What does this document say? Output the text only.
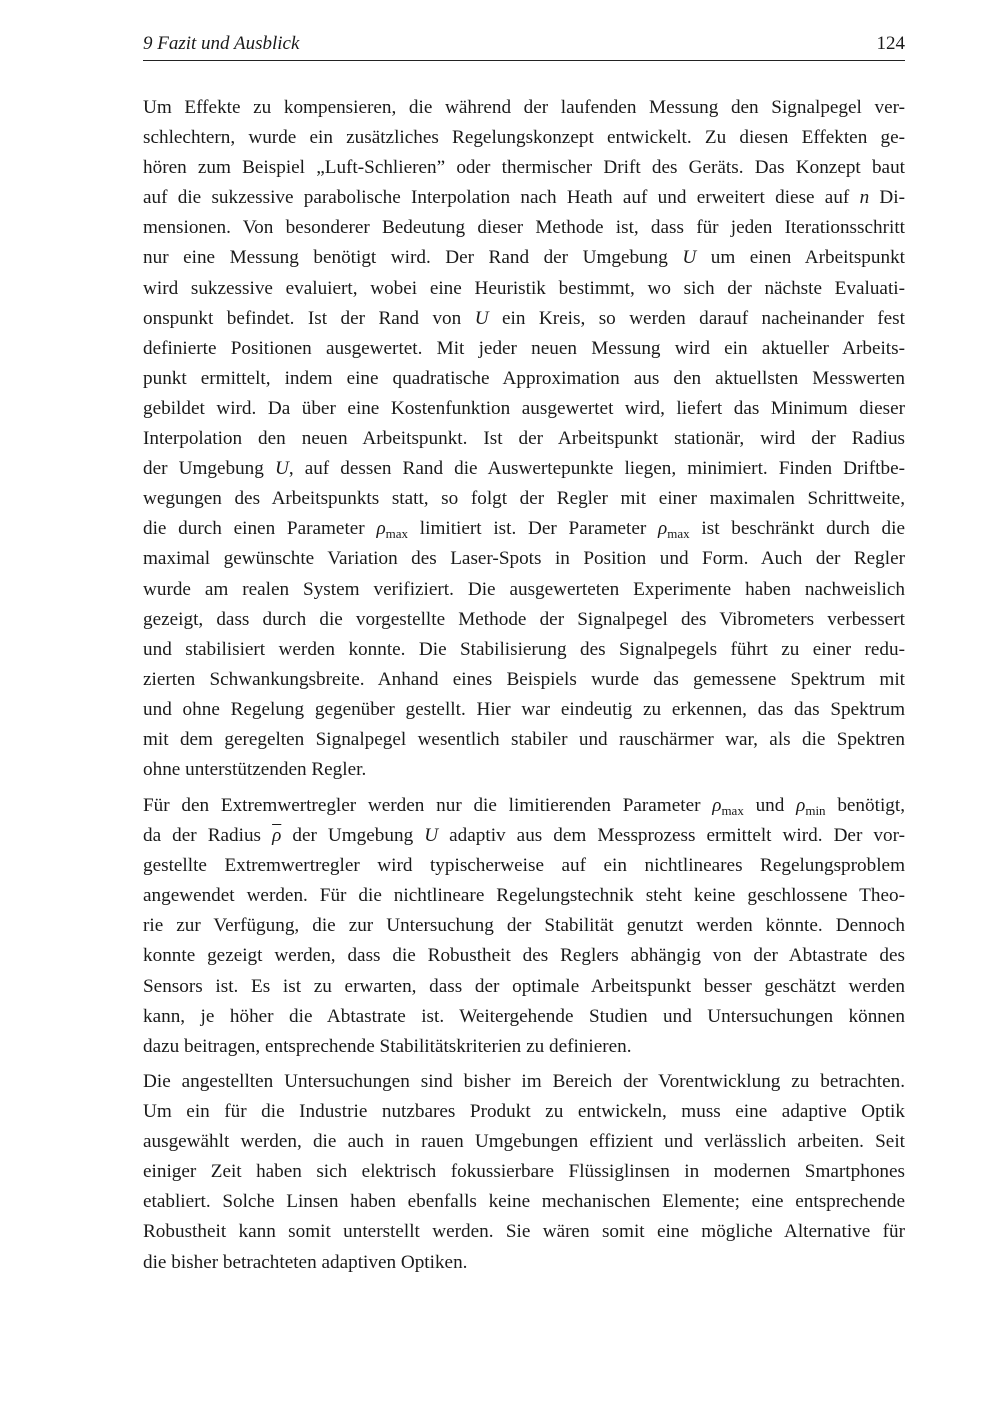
9 Fazit und Ausblick	124
Um Effekte zu kompensieren, die während der laufenden Messung den Signalpegel ver-
schlechtern, wurde ein zusätzliches Regelungskonzept entwickelt. Zu diesen Effekten ge-
hören zum Beispiel „Luft-Schlieren” oder thermischer Drift des Geräts. Das Konzept baut
auf die sukzessive parabolische Interpolation nach Heath auf und erweitert diese auf n Di-
mensionen. Von besonderer Bedeutung dieser Methode ist, dass für jeden Iterationsschritt
nur eine Messung benötigt wird. Der Rand der Umgebung U um einen Arbeitspunkt
wird sukzessive evaluiert, wobei eine Heuristik bestimmt, wo sich der nächste Evaluati-
onspunkt befindet. Ist der Rand von U ein Kreis, so werden darauf nacheinander fest
definierte Positionen ausgewertet. Mit jeder neuen Messung wird ein aktueller Arbeits-
punkt ermittelt, indem eine quadratische Approximation aus den aktuellsten Messwerten
gebildet wird. Da über eine Kostenfunktion ausgewertet wird, liefert das Minimum dieser
Interpolation den neuen Arbeitspunkt. Ist der Arbeitspunkt stationär, wird der Radius
der Umgebung U, auf dessen Rand die Auswertepunkte liegen, minimiert. Finden Driftbe-
wegungen des Arbeitspunkts statt, so folgt der Regler mit einer maximalen Schrittweite,
die durch einen Parameter $\rho_{max}$ limitiert ist. Der Parameter $\rho_{max}$ ist beschränkt durch die
maximal gewünschte Variation des Laser-Spots in Position und Form. Auch der Regler
wurde am realen System verifiziert. Die ausgewerteten Experimente haben nachweislich
gezeigt, dass durch die vorgestellte Methode der Signalpegel des Vibrometers verbessert
und stabilisiert werden konnte. Die Stabilisierung des Signalpegels führt zu einer redu-
zierten Schwankungsbreite. Anhand eines Beispiels wurde das gemessene Spektrum mit
und ohne Regelung gegenüber gestellt. Hier war eindeutig zu erkennen, das das Spektrum
mit dem geregelten Signalpegel wesentlich stabiler und rauschärmer war, als die Spektren
ohne unterstützenden Regler.
Für den Extremwertregler werden nur die limitierenden Parameter $\rho_{max}$ und $\rho_{min}$ benötigt,
da der Radius $\overline{\rho}$ der Umgebung U adaptiv aus dem Messprozess ermittelt wird. Der vor-
gestellte Extremwertregler wird typischerweise auf ein nichtlineares Regelungsproblem
angewendet werden. Für die nichtlineare Regelungstechnik steht keine geschlossene Theo-
rie zur Verfügung, die zur Untersuchung der Stabilität genutzt werden könnte. Dennoch
konnte gezeigt werden, dass die Robustheit des Reglers abhängig von der Abtastrate des
Sensors ist. Es ist zu erwarten, dass der optimale Arbeitspunkt besser geschätzt werden
kann, je höher die Abtastrate ist. Weitergehende Studien und Untersuchungen können
dazu beitragen, entsprechende Stabilitätskriterien zu definieren.
Die angestellten Untersuchungen sind bisher im Bereich der Vorentwicklung zu betrachten.
Um ein für die Industrie nutzbares Produkt zu entwickeln, muss eine adaptive Optik
ausgewählt werden, die auch in rauen Umgebungen effizient und verlässlich arbeiten. Seit
einiger Zeit haben sich elektrisch fokussierbare Flüssiglinsen in modernen Smartphones
etabliert. Solche Linsen haben ebenfalls keine mechanischen Elemente; eine entsprechende
Robustheit kann somit unterstellt werden. Sie wären somit eine mögliche Alternative für
die bisher betrachteten adaptiven Optiken.
